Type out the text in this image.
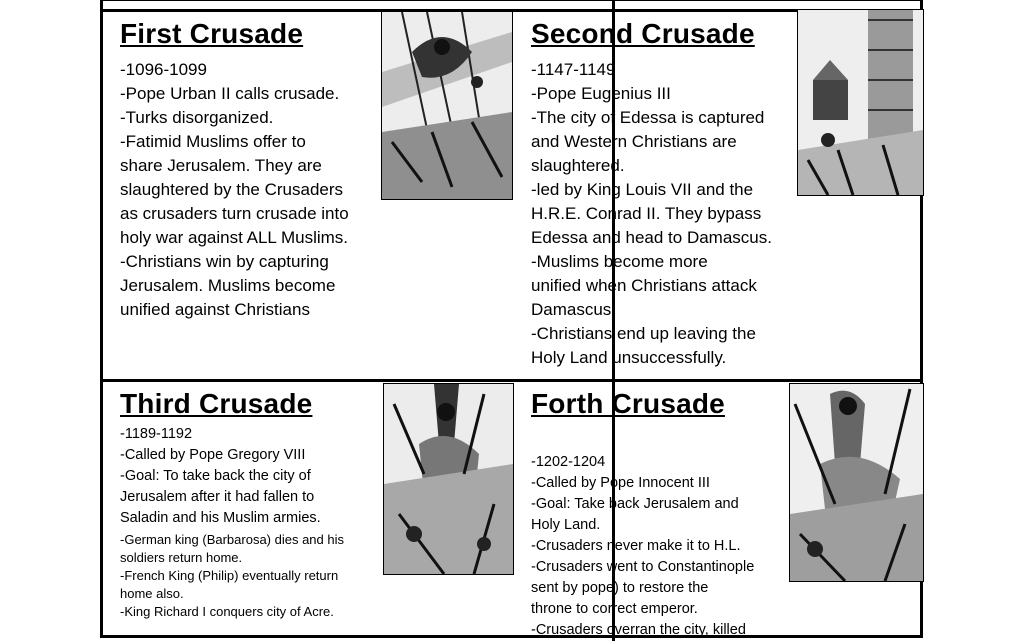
First Crusade
-1096-1099
-Pope Urban II calls crusade.
-Turks disorganized.
-Fatimid Muslims offer to
share Jerusalem. They are
slaughtered by the Crusaders
as crusaders turn crusade into
holy war against ALL Muslims.
-Christians win by capturing
Jerusalem. Muslims become
unified against Christians
Second Crusade
-1147-1149
-Pope Eugenius III
-The city of Edessa is captured
and Western Christians are
slaughtered.
-led by King Louis VII and the
H.R.E. Conrad II. They bypass
Edessa and head to Damascus.
-Muslims become more
unified when Christians attack
Damascus.
-Christians end up leaving the
Holy Land unsuccessfully.
Third Crusade
-1189-1192
-Called by Pope Gregory VIII
-Goal: To take back the city of
Jerusalem after it had fallen to
Saladin and his Muslim armies.
-German king (Barbarosa) dies and his
soldiers return home.
-French King (Philip) eventually return
home also.
-King Richard I conquers city of Acre.
Forth Crusade
-1202-1204
-Called by Pope Innocent III
-Goal: Take back Jerusalem and
Holy Land.
-Crusaders never make it to H.L.
-Crusaders went to Constantinople
sent by pope) to restore the
throne to correct emperor.
-Crusaders overran the city, killed
